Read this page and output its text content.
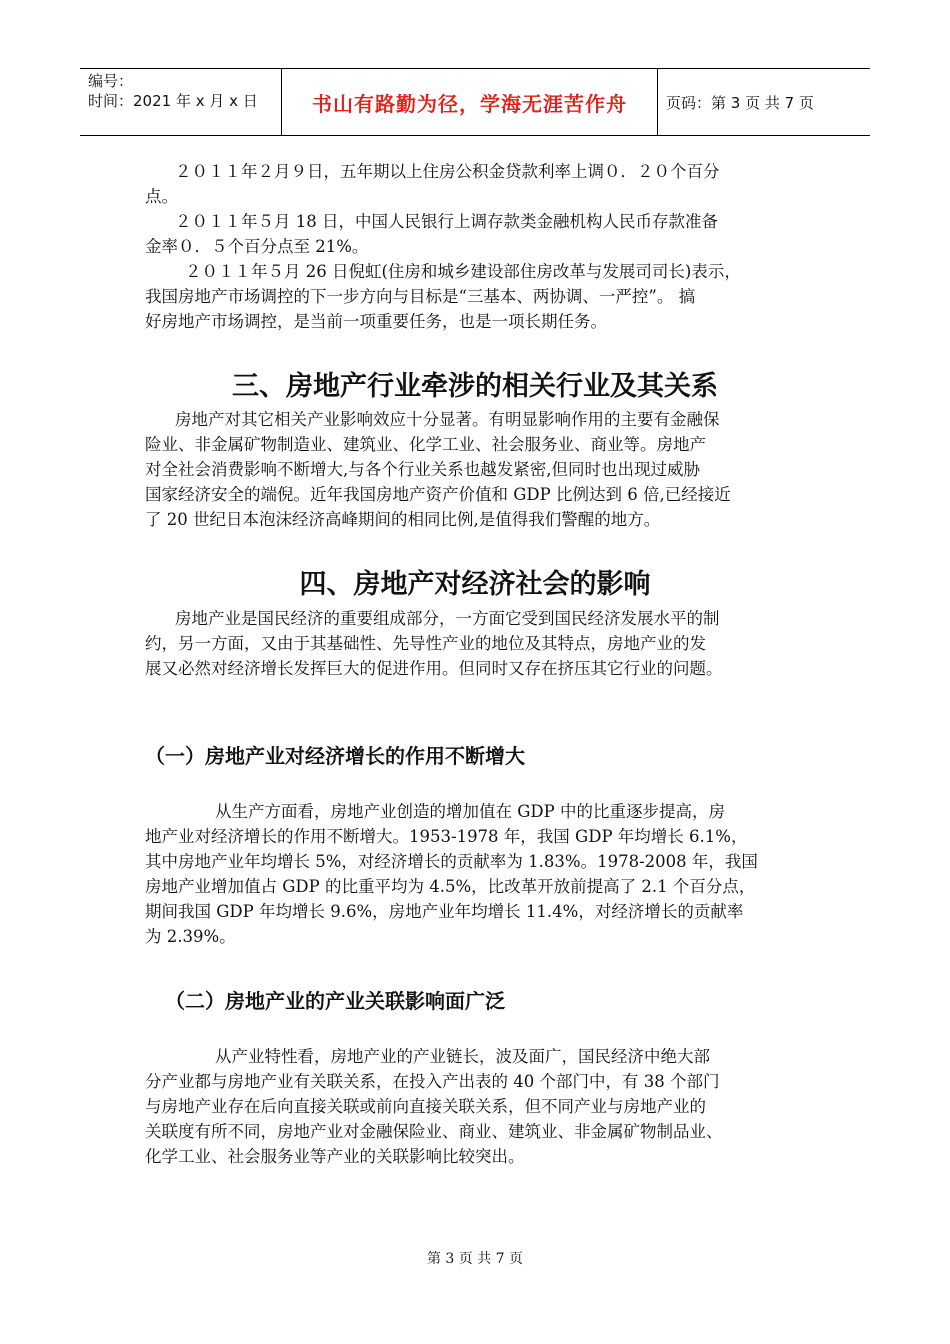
编号：
时间：2021 年 x 月 x 日	书山有路勤为径，学海无涯苦作舟	页码：第 3 页 共 7 页

２０１１年２月９日，五年期以上住房公积金贷款利率上调０．２０个百分

点。

２０１１年５月 18 日，中国人民银行上调存款类金融机构人民币存款准备

金率０．５个百分点至 21%。

２０１１年５月 26 日倪虹(住房和城乡建设部住房改革与发展司司长)表示，

我国房地产市场调控的下一步方向与目标是“三基本、两协调、一严控”。 搞

好房地产市场调控，是当前一项重要任务，也是一项长期任务。

三、房地产行业牵涉的相关行业及其关系

房地产对其它相关产业影响效应十分显著。有明显影响作用的主要有金融保

险业、非金属矿物制造业、建筑业、化学工业、社会服务业、商业等。房地产

对全社会消费影响不断增大,与各个行业关系也越发紧密,但同时也出现过威胁

国家经济安全的端倪。近年我国房地产资产价值和 GDP 比例达到 6 倍,已经接近

了 20 世纪日本泡沫经济高峰期间的相同比例,是值得我们警醒的地方。

四、房地产对经济社会的影响

房地产业是国民经济的重要组成部分，一方面它受到国民经济发展水平的制

约，另一方面，又由于其基础性、先导性产业的地位及其特点，房地产业的发

展又必然对经济增长发挥巨大的促进作用。但同时又存在挤压其它行业的问题。

（一）房地产业对经济增长的作用不断增大

从生产方面看，房地产业创造的增加值在 GDP 中的比重逐步提高，房

地产业对经济增长的作用不断增大。1953-1978 年，我国 GDP 年均增长 6.1%，

其中房地产业年均增长 5%，对经济增长的贡献率为 1.83%。1978-2008 年，我国

房地产业增加值占 GDP 的比重平均为 4.5%，比改革开放前提高了 2.1 个百分点，

期间我国 GDP 年均增长 9.6%，房地产业年均增长 11.4%，对经济增长的贡献率

为 2.39%。

（二）房地产业的产业关联影响面广泛

从产业特性看，房地产业的产业链长，波及面广，国民经济中绝大部

分产业都与房地产业有关联关系，在投入产出表的 40 个部门中，有 38 个部门

与房地产业存在后向直接关联或前向直接关联关系，但不同产业与房地产业的

关联度有所不同，房地产业对金融保险业、商业、建筑业、非金属矿物制品业、

化学工业、社会服务业等产业的关联影响比较突出。

第 3 页 共 7 页
